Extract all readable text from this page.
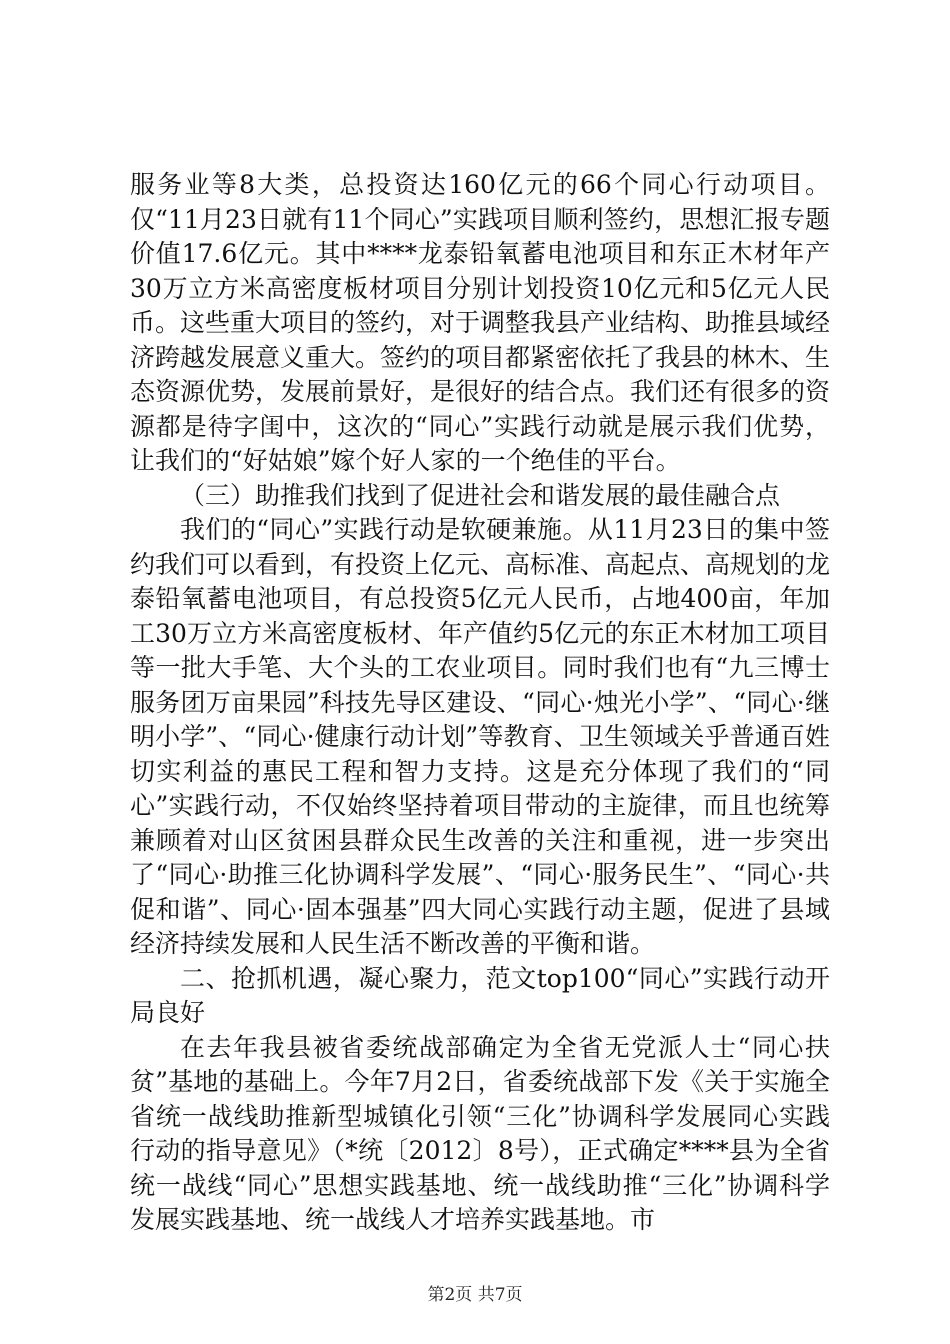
服务业等8大类，总投资达160亿元的66个同心行动项目。仅“11月23日就有11个同心”实践项目顺利签约，思想汇报专题价值17.6亿元。其中****龙泰铅氧蓄电池项目和东正木材年产30万立方米高密度板材项目分别计划投资10亿元和5亿元人民币。这些重大项目的签约，对于调整我县产业结构、助推县域经济跨越发展意义重大。签约的项目都紧密依托了我县的林木、生态资源优势，发展前景好，是很好的结合点。我们还有很多的资源都是待字闺中，这次的“同心”实践行动就是展示我们优势，让我们的“好姑娘”嫁个好人家的一个绝佳的平台。

（三）助推我们找到了促进社会和谐发展的最佳融合点

我们的“同心”实践行动是软硬兼施。从11月23日的集中签约我们可以看到，有投资上亿元、高标准、高起点、高规划的龙泰铅氧蓄电池项目，有总投资5亿元人民币，占地400亩，年加工30万立方米高密度板材、年产值约5亿元的东正木材加工项目等一批大手笔、大个头的工农业项目。同时我们也有“九三博士服务团万亩果园”科技先导区建设、“同心·烛光小学”、“同心·继明小学”、“同心·健康行动计划”等教育、卫生领域关乎普通百姓切实利益的惠民工程和智力支持。这是充分体现了我们的“同心”实践行动，不仅始终坚持着项目带动的主旋律，而且也统筹兼顾着对山区贫困县群众民生改善的关注和重视，进一步突出了“同心·助推三化协调科学发展”、“同心·服务民生”、“同心·共促和谐”、同心·固本强基”四大同心实践行动主题，促进了县域经济持续发展和人民生活不断改善的平衡和谐。

二、抢抓机遇，凝心聚力，范文top100“同心”实践行动开局良好

在去年我县被省委统战部确定为全省无党派人士“同心扶贫”基地的基础上。今年7月2日，省委统战部下发《关于实施全省统一战线助推新型城镇化引领“三化”协调科学发展同心实践行动的指导意见》（*统〔2012〕8号），正式确定****县为全省统一战线“同心”思想实践基地、统一战线助推“三化”协调科学发展实践基地、统一战线人才培养实践基地。市

第2页 共7页
